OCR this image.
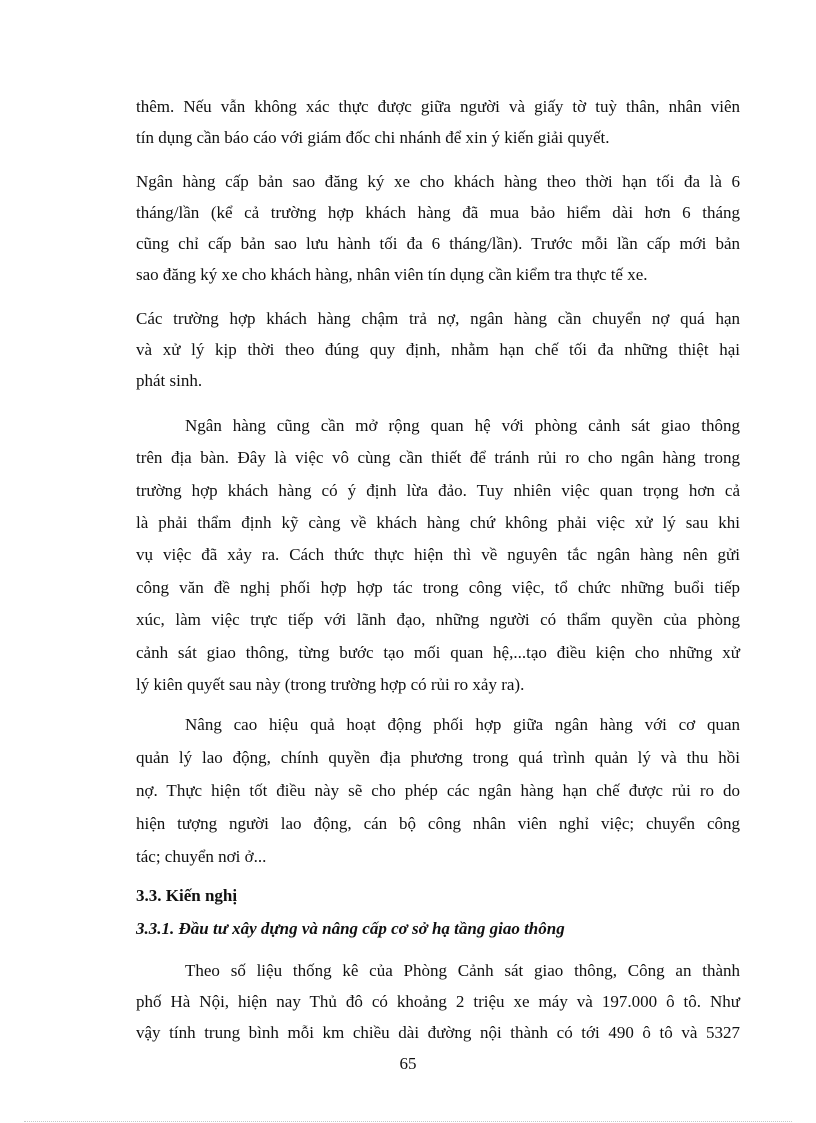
thêm. Nếu vẫn không xác thực được giữa người và giấy tờ tuỳ thân, nhân viên
tín dụng cần báo cáo với giám đốc chi nhánh để xin ý kiến giải quyết.
Ngân hàng cấp bản sao đăng ký xe cho khách hàng theo thời hạn tối đa là 6
tháng/lần (kể cả trường hợp khách hàng đã mua bảo hiểm dài hơn 6 tháng
cũng chỉ cấp bản sao lưu hành tối đa 6 tháng/lần). Trước mỗi lần cấp mới bản
sao đăng ký xe cho khách hàng, nhân viên tín dụng cần kiểm tra thực tế xe.
Các trường hợp khách hàng chậm trả nợ, ngân hàng cần chuyển nợ quá hạn
và xử lý kịp thời theo đúng quy định, nhằm hạn chế tối đa những thiệt hại
phát sinh.
Ngân hàng cũng cần mở rộng quan hệ với phòng cảnh sát giao thông
trên địa bàn. Đây là việc vô cùng cần thiết để tránh rủi ro cho ngân hàng trong
trường hợp khách hàng có ý định lừa đảo. Tuy nhiên việc quan trọng hơn cả
là phải thẩm định kỹ càng về khách hàng chứ không phải việc xử lý sau khi
vụ việc đã xảy ra. Cách thức thực hiện thì về nguyên tắc ngân hàng nên gửi
công văn đề nghị phối hợp hợp tác trong công việc, tổ chức những buổi tiếp
xúc, làm việc trực tiếp với lãnh đạo, những người có thẩm quyền của phòng
cảnh sát giao thông, từng bước tạo mối quan hệ,...tạo điều kiện cho những xử
lý kiên quyết sau này (trong trường hợp có rủi ro xảy ra).
Nâng cao hiệu quả hoạt động phối hợp giữa ngân hàng với cơ quan
quản lý lao động, chính quyền địa phương trong quá trình quản lý và thu hồi
nợ. Thực hiện tốt điều này sẽ cho phép các ngân hàng hạn chế được rủi ro do
hiện tượng người lao động, cán bộ công nhân viên nghỉ việc; chuyển công
tác; chuyển nơi ở...
3.3. Kiến nghị
3.3.1. Đầu tư xây dựng và nâng cấp cơ sở hạ tầng giao thông
Theo số liệu thống kê của Phòng Cảnh sát giao thông, Công an thành
phố Hà Nội, hiện nay Thủ đô có khoảng 2 triệu xe máy và 197.000 ô tô. Như
vậy tính trung bình mỗi km chiều dài đường nội thành có tới 490 ô tô và 5327
65
